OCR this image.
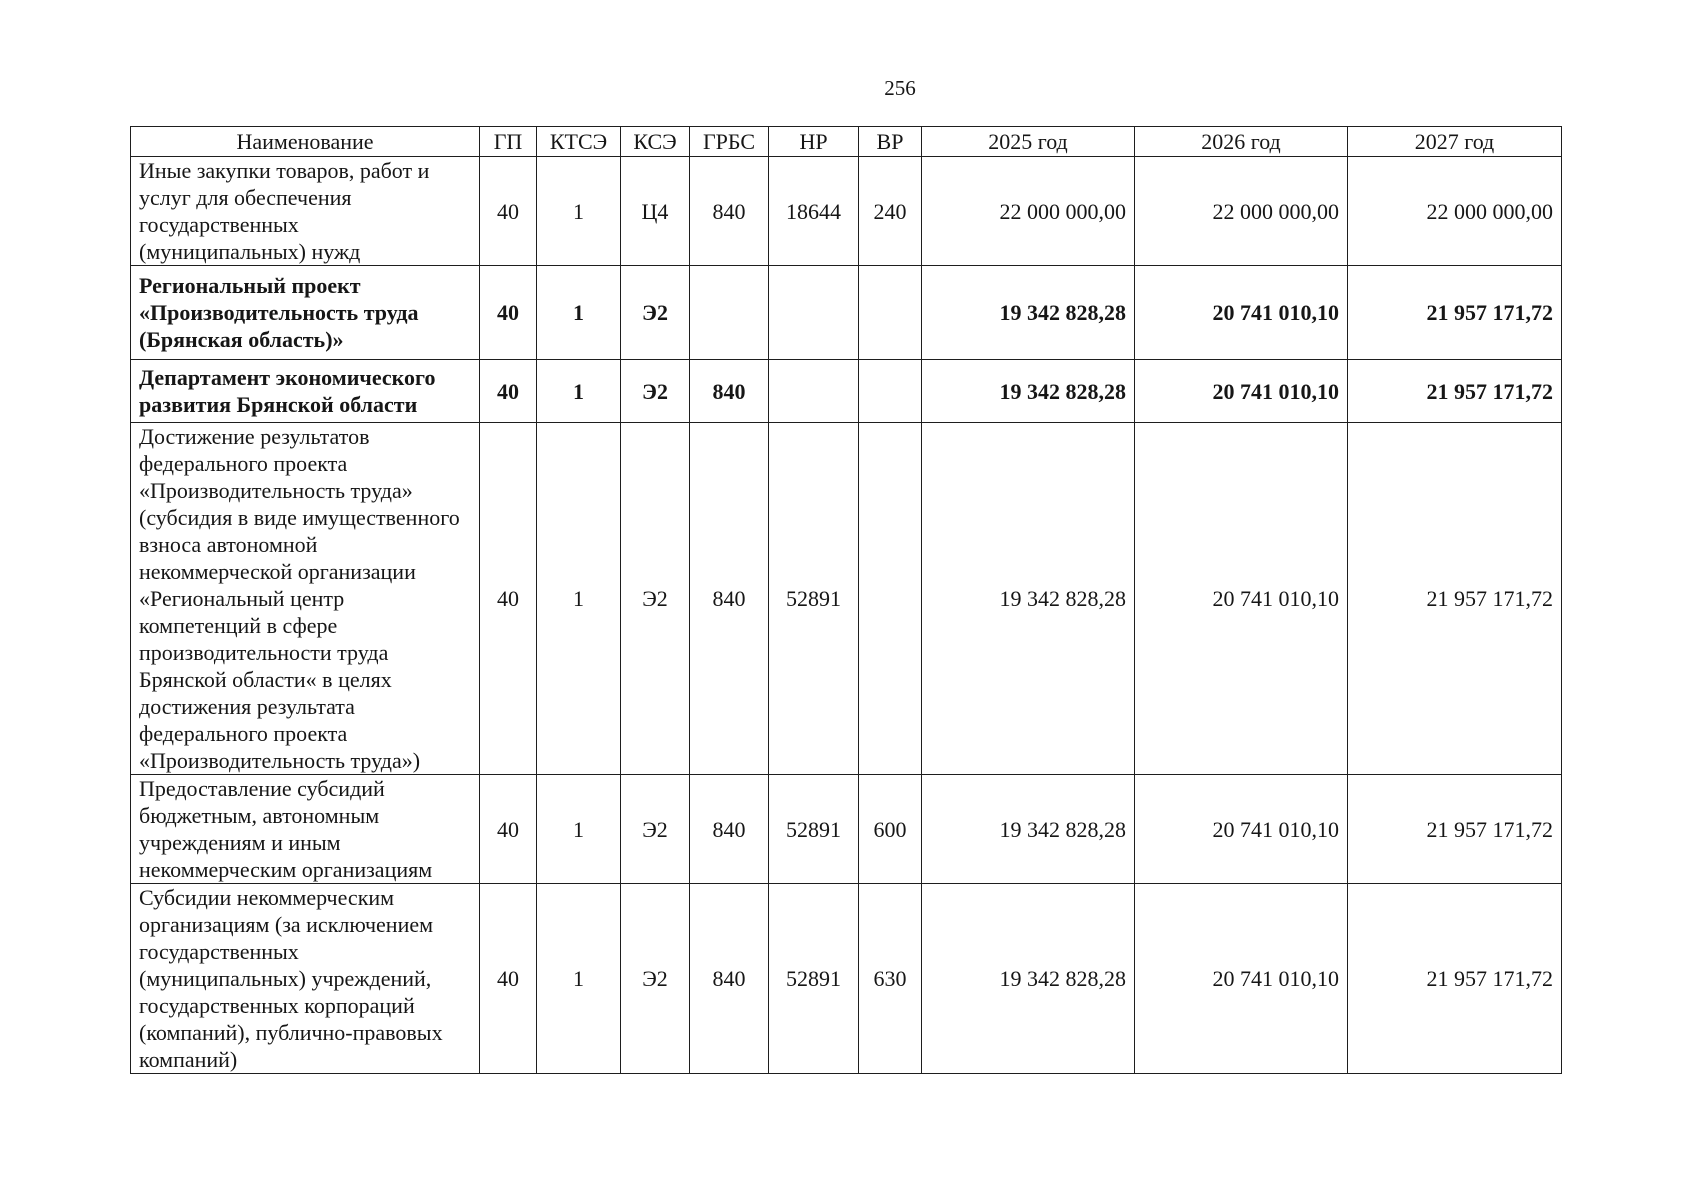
256
Наименование	ГП	КТСЭ	КСЭ	ГРБС	НР	ВР	2025 год	2026 год	2027 год
Иные закупки товаров, работ и услуг для обеспечения государственных (муниципальных) нужд	40	1	Ц4	840	18644	240	22 000 000,00	22 000 000,00	22 000 000,00
Региональный проект «Производительность труда (Брянская область)»	40	1	Э2				19 342 828,28	20 741 010,10	21 957 171,72
Департамент экономического развития Брянской области	40	1	Э2	840			19 342 828,28	20 741 010,10	21 957 171,72
Достижение результатов федерального проекта «Производительность труда» (субсидия в виде имущественного взноса автономной некоммерческой организации «Региональный центр компетенций в сфере производительности труда Брянской области« в целях достижения результата федерального проекта «Производительность труда»)	40	1	Э2	840	52891		19 342 828,28	20 741 010,10	21 957 171,72
Предоставление субсидий бюджетным, автономным учреждениям и иным некоммерческим организациям	40	1	Э2	840	52891	600	19 342 828,28	20 741 010,10	21 957 171,72
Субсидии некоммерческим организациям (за исключением государственных (муниципальных) учреждений, государственных корпораций (компаний), публично-правовых компаний)	40	1	Э2	840	52891	630	19 342 828,28	20 741 010,10	21 957 171,72
